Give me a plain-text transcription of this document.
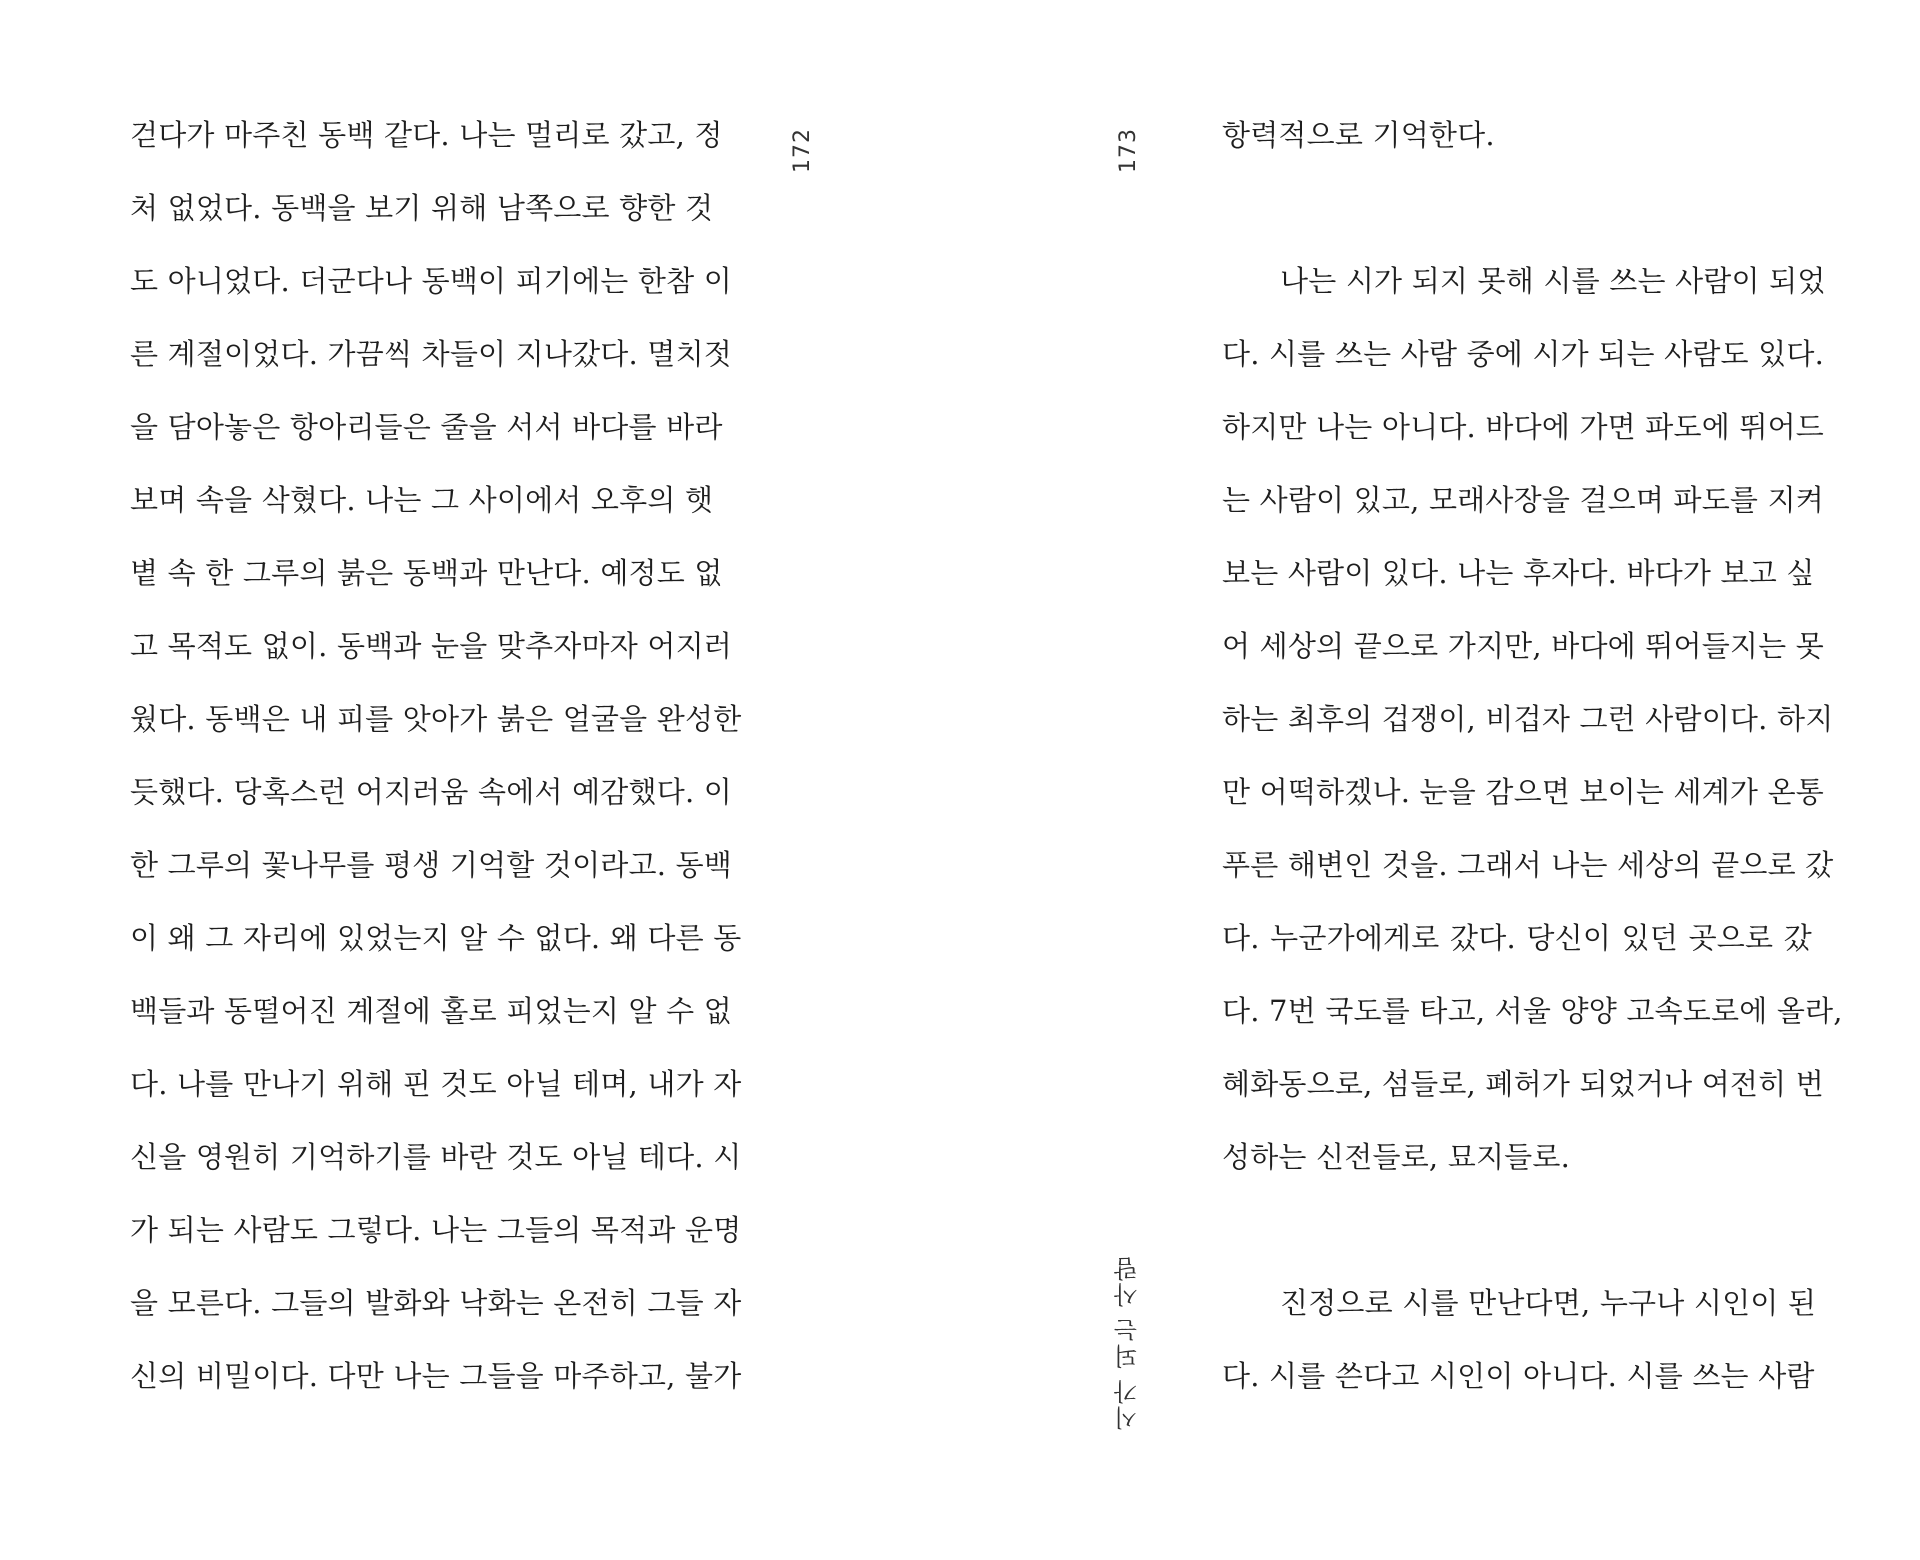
172
걷다가 마주친 동백 같다. 나는 멀리로 갔고, 정
처 없었다. 동백을 보기 위해 남쪽으로 향한 것
도 아니었다. 더군다나 동백이 피기에는 한참 이
른 계절이었다. 가끔씩 차들이 지나갔다. 멸치젓
을 담아놓은 항아리들은 줄을 서서 바다를 바라
보며 속을 삭혔다. 나는 그 사이에서 오후의 햇
볕 속 한 그루의 붉은 동백과 만난다. 예정도 없
고 목적도 없이. 동백과 눈을 맞추자마자 어지러
웠다. 동백은 내 피를 앗아가 붉은 얼굴을 완성한
듯했다. 당혹스런 어지러움 속에서 예감했다. 이
한 그루의 꽃나무를 평생 기억할 것이라고. 동백
이 왜 그 자리에 있었는지 알 수 없다. 왜 다른 동
백들과 동떨어진 계절에 홀로 피었는지 알 수 없
다. 나를 만나기 위해 핀 것도 아닐 테며, 내가 자
신을 영원히 기억하기를 바란 것도 아닐 테다. 시
가 되는 사람도 그렇다. 나는 그들의 목적과 운명
을 모른다. 그들의 발화와 낙화는 온전히 그들 자
신의 비밀이다. 다만 나는 그들을 마주하고, 불가
173
시가 되는 사람
항력적으로 기억한다.
나는 시가 되지 못해 시를 쓰는 사람이 되었
다. 시를 쓰는 사람 중에 시가 되는 사람도 있다.
하지만 나는 아니다. 바다에 가면 파도에 뛰어드
는 사람이 있고, 모래사장을 걸으며 파도를 지켜
보는 사람이 있다. 나는 후자다. 바다가 보고 싶
어 세상의 끝으로 가지만, 바다에 뛰어들지는 못
하는 최후의 겁쟁이, 비겁자 그런 사람이다. 하지
만 어떡하겠나. 눈을 감으면 보이는 세계가 온통
푸른 해변인 것을. 그래서 나는 세상의 끝으로 갔
다. 누군가에게로 갔다. 당신이 있던 곳으로 갔
다. 7번 국도를 타고, 서울 양양 고속도로에 올라,
혜화동으로, 섬들로, 폐허가 되었거나 여전히 번
성하는 신전들로, 묘지들로.
진정으로 시를 만난다면, 누구나 시인이 된
다. 시를 쓴다고 시인이 아니다. 시를 쓰는 사람
